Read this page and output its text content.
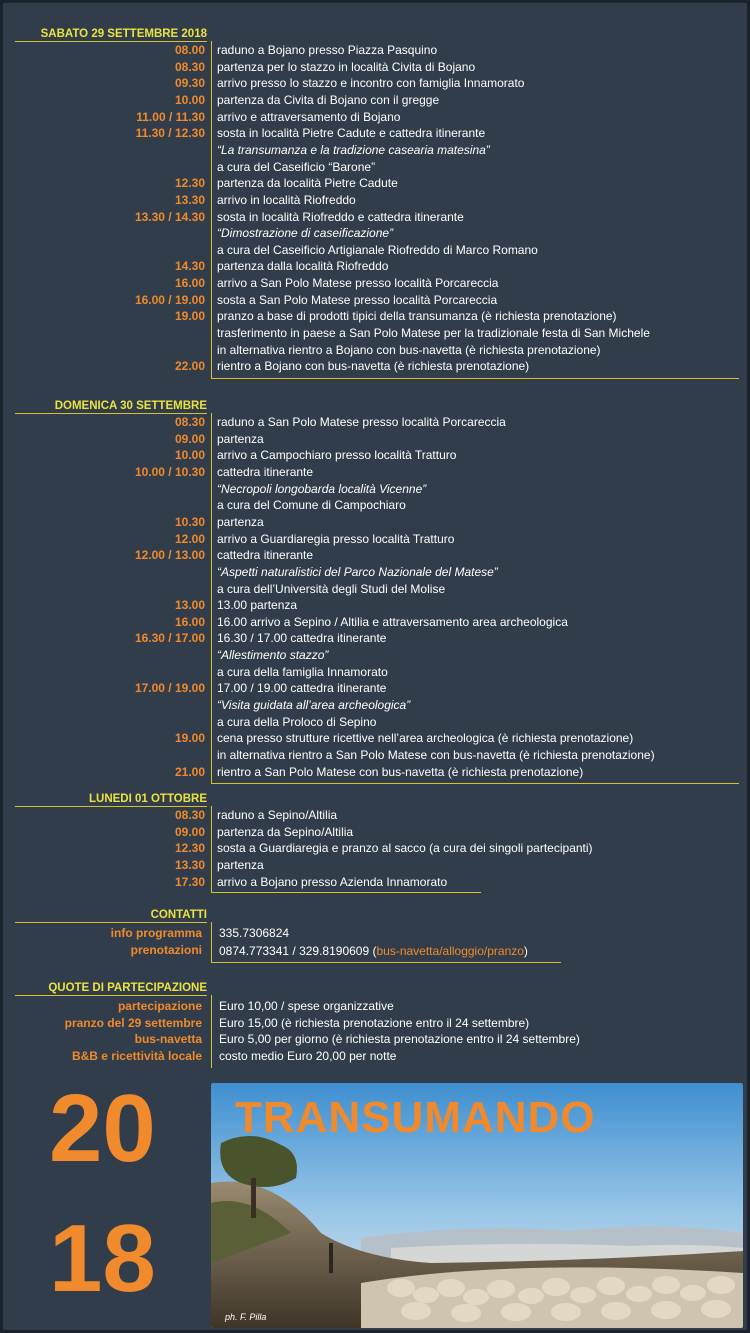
SABATO 29 SETTEMBRE 2018
08.00 raduno a Bojano presso Piazza Pasquino
08.30 partenza per lo stazzo in località Civita di Bojano
09.30 arrivo presso lo stazzo e incontro con famiglia Innamorato
10.00 partenza da Civita di Bojano con il gregge
11.00 / 11.30 arrivo e attraversamento di Bojano
11.30 / 12.30 sosta in località Pietre Cadute e cattedra itinerante
“La transumanza e la tradizione casearia matesina”
a cura del Caseificio “Barone”
12.30 partenza da località Pietre Cadute
13.30 arrivo in località Riofreddo
13.30 / 14.30 sosta in località Riofreddo e cattedra itinerante
“Dimostrazione di caseificazione”
a cura del Caseificio Artigianale Riofreddo di Marco Romano
14.30 partenza dalla località Riofreddo
16.00 arrivo a San Polo Matese presso località Porcareccia
16.00 / 19.00 sosta a San Polo Matese presso località Porcareccia
19.00 pranzo a base di prodotti tipici della transumanza (è richiesta prenotazione)
trasferimento in paese a San Polo Matese per la tradizionale festa di San Michele
in alternativa rientro a Bojano con bus-navetta (è richiesta prenotazione)
22.00 rientro a Bojano con bus-navetta (è richiesta prenotazione)
DOMENICA 30 SETTEMBRE
08.30 raduno a San Polo Matese presso località Porcareccia
09.00 partenza
10.00 arrivo a Campochiaro presso località Tratturo
10.00 / 10.30 cattedra itinerante
“Necropoli longobarda località Vicenne”
a cura del Comune di Campochiaro
10.30 partenza
12.00 arrivo a Guardiaregia presso località Tratturo
12.00 / 13.00 cattedra itinerante
“Aspetti naturalistici del Parco Nazionale del Matese”
a cura dell’Università degli Studi del Molise
13.00 13.00 partenza
16.00 16.00 arrivo a Sepino / Altilia e attraversamento area archeologica
16.30 / 17.00 16.30 / 17.00 cattedra itinerante
“Allestimento stazzo”
a cura della famiglia Innamorato
17.00 / 19.00 17.00 / 19.00 cattedra itinerante
“Visita guidata all’area archeologica”
a cura della Proloco di Sepino
19.00 cena presso strutture ricettive nell’area archeologica (è richiesta prenotazione)
in alternativa rientro a San Polo Matese con bus-navetta (è richiesta prenotazione)
21.00 rientro a San Polo Matese con bus-navetta (è richiesta prenotazione)
LUNEDI 01 OTTOBRE
08.30 raduno a Sepino/Altilia
09.00 partenza da Sepino/Altilia
12.30 sosta a Guardiaregia e pranzo al sacco (a cura dei singoli partecipanti)
13.30 partenza
17.30 arrivo a Bojano presso Azienda Innamorato
CONTATTI
info programma 335.7306824
prenotazioni 0874.773341 / 329.8190609 (bus-navetta/alloggio/pranzo)
QUOTE DI PARTECIPAZIONE
partecipazione Euro 10,00 / spese organizzative
pranzo del 29 settembre Euro 15,00 (è richiesta prenotazione entro il 24 settembre)
bus-navetta Euro 5,00 per giorno (è richiesta prenotazione entro il 24 settembre)
B&B e ricettività locale costo medio Euro 20,00 per notte
20
18
TRANSUMANDO
ph. F. Pilla
